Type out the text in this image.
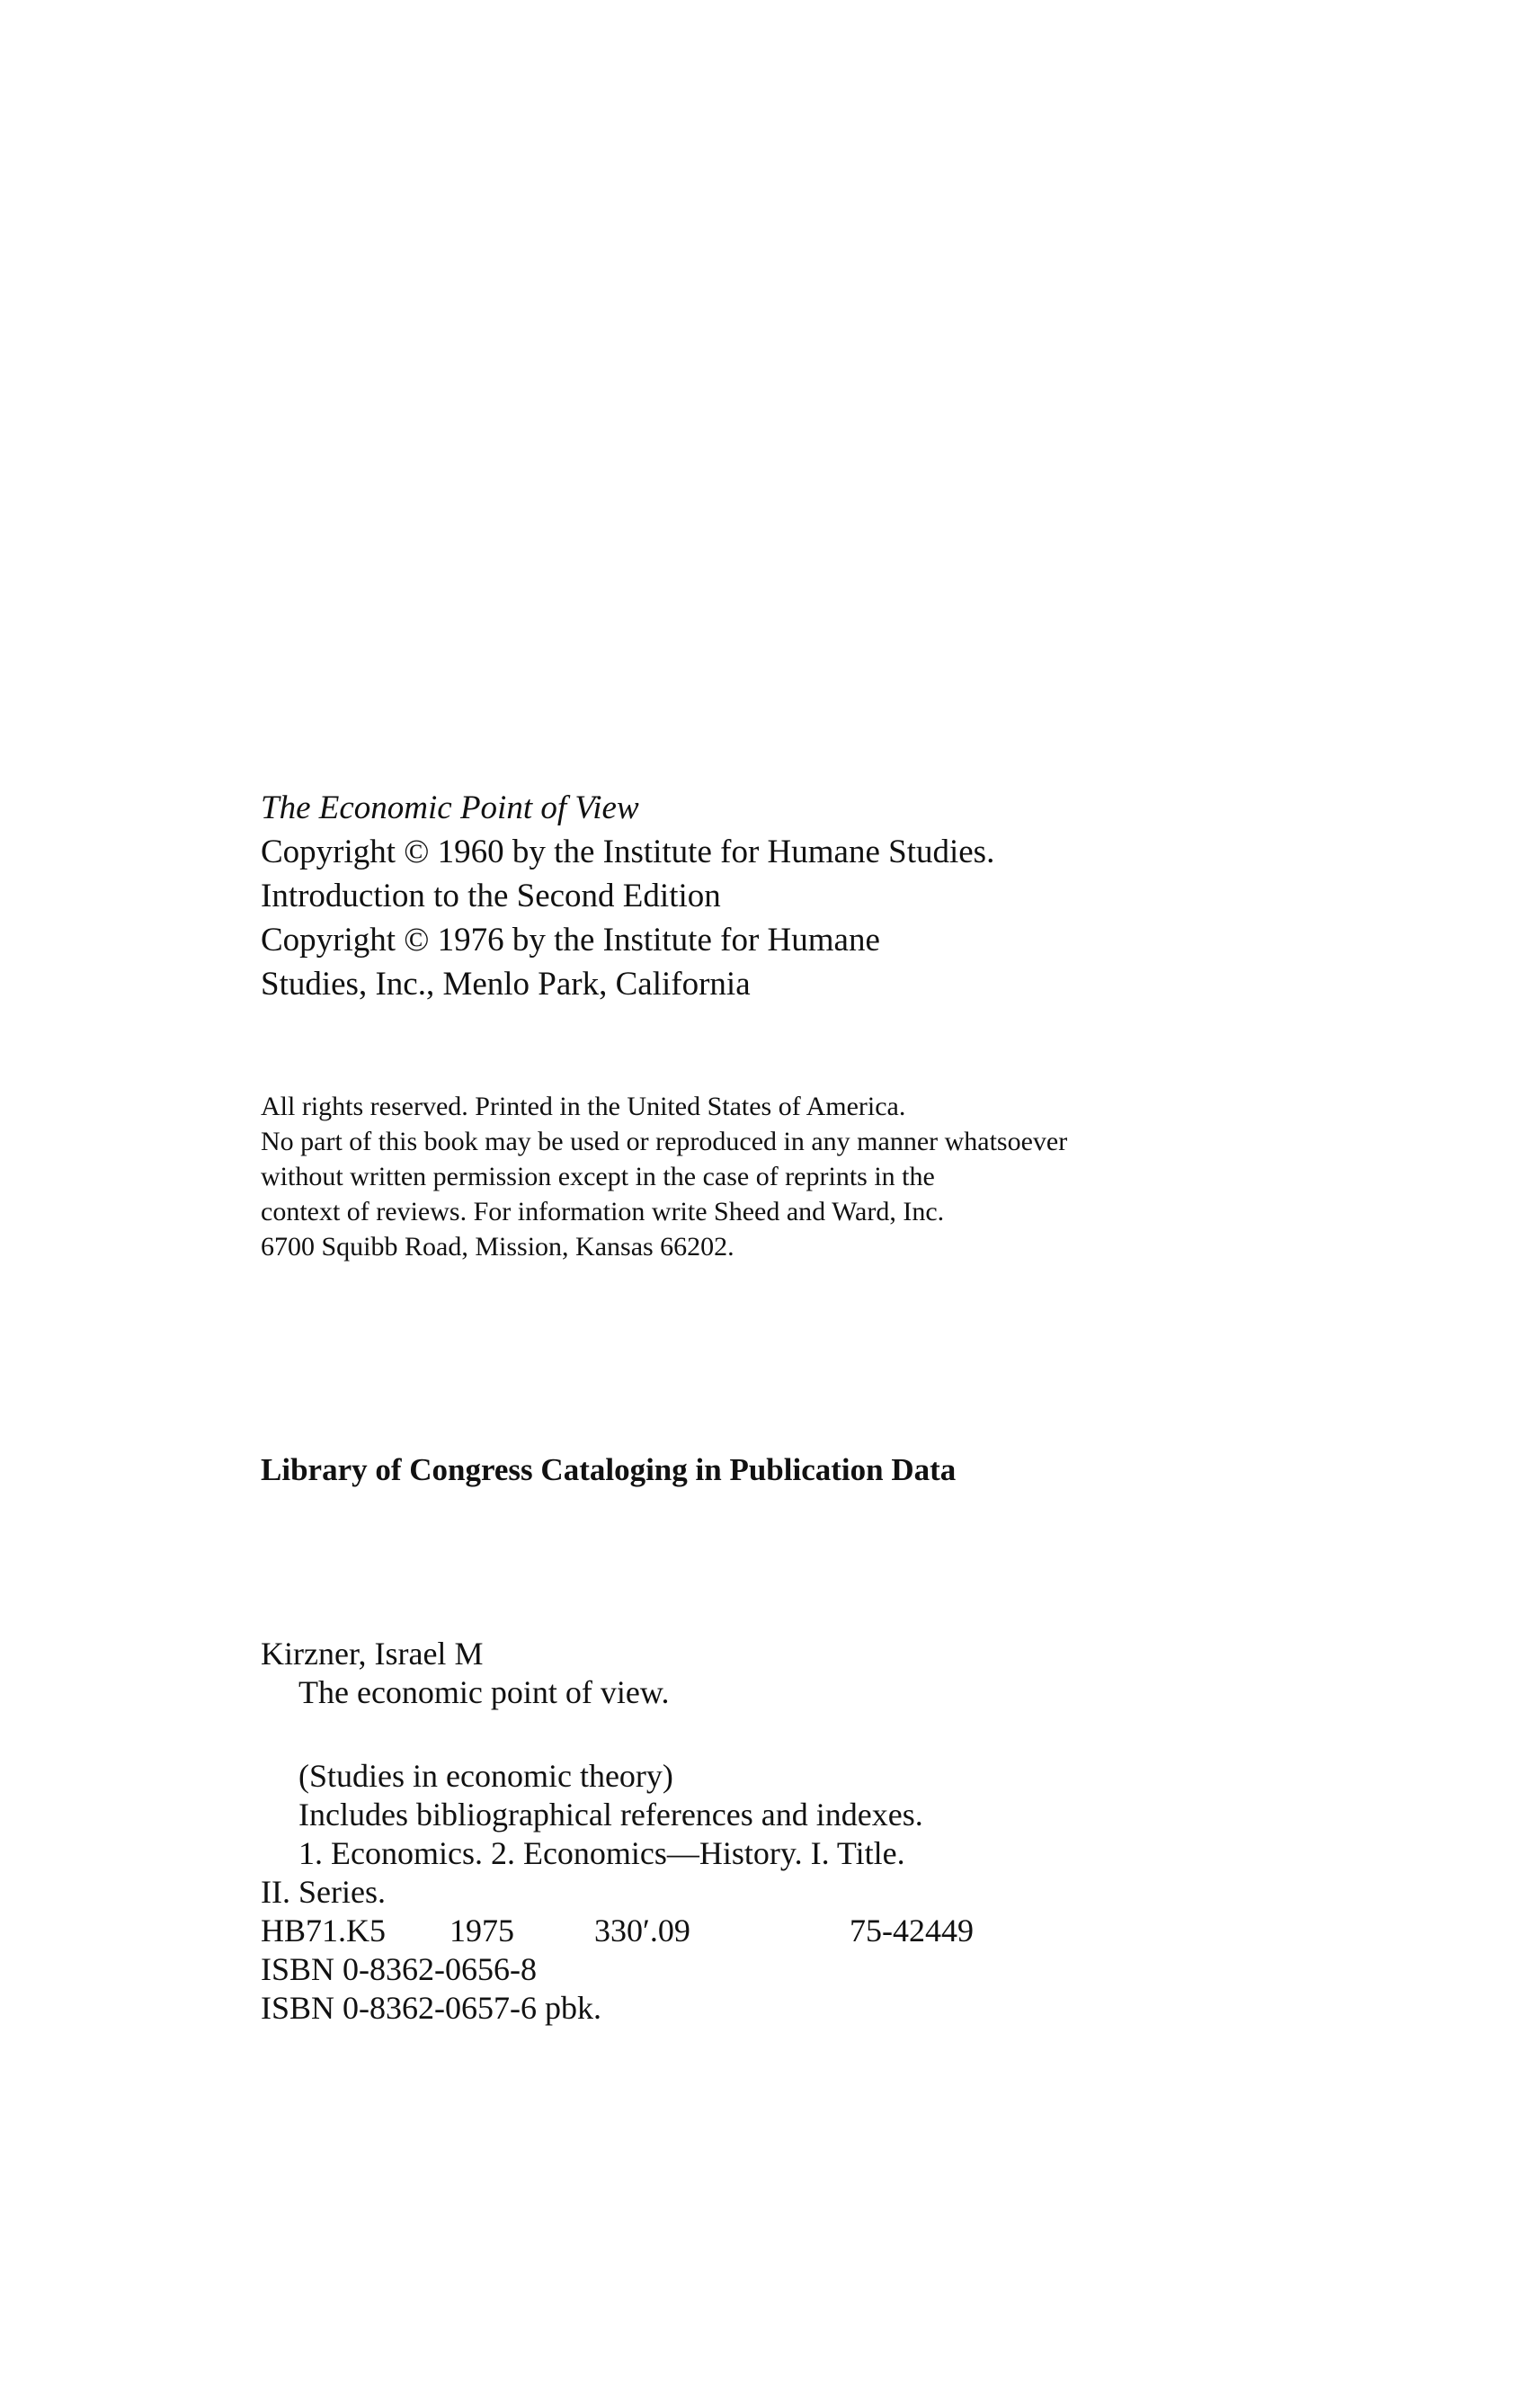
The Economic Point of View
Copyright © 1960 by the Institute for Humane Studies.
Introduction to the Second Edition
Copyright © 1976 by the Institute for Humane
Studies, Inc., Menlo Park, California
All rights reserved. Printed in the United States of America.
No part of this book may be used or reproduced in any manner whatsoever
without written permission except in the case of reprints in the
context of reviews. For information write Sheed and Ward, Inc.
6700 Squibb Road, Mission, Kansas 66202.
Library of Congress Cataloging in Publication Data
Kirzner, Israel M
The economic point of view.
(Studies in economic theory)
Includes bibliographical references and indexes.
1. Economics. 2. Economics—History. I. Title.
II. Series.
HB71.K5 1975 330′.09	75-42449
ISBN 0-8362-0656-8
ISBN 0-8362-0657-6 pbk.
